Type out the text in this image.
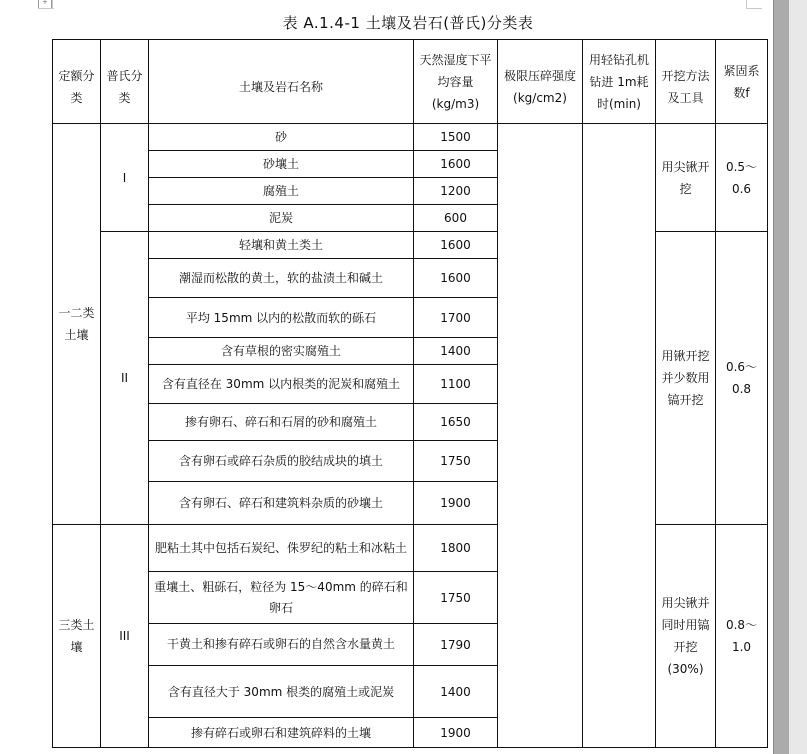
+
表 A.1.4-1 土壤及岩石(普氏)分类表
定额分类	普氏分类	土壤及岩石名称	天然湿度下平均容量(kg/m3)	极限压碎强度(kg/cm2)	用轻钻孔机钻进 1m耗时(min)	开挖方法及工具	紧固系数f
一二类土壤	I	砂	1500			用尖锹开挖	0.5～0.6
		砂壤土	1600				
		腐殖土	1200				
		泥炭	600				
	II	轻壤和黄土类土	1600			用锹开挖并少数用镐开挖	0.6～0.8
		潮湿而松散的黄土，软的盐渍土和碱土	1600				
		平均 15mm 以内的松散而软的砾石	1700				
		含有草根的密实腐殖土	1400				
		含有直径在 30mm 以内根类的泥炭和腐殖土	1100				
		掺有卵石、碎石和石屑的砂和腐殖土	1650				
		含有卵石或碎石杂质的胶结成块的填土	1750				
		含有卵石、碎石和建筑料杂质的砂壤土	1900				
三类土壤	III	肥粘土其中包括石炭纪、侏罗纪的粘土和冰粘土	1800			用尖锹并同时用镐开挖(30%)	0.8～1.0
		重壤土、粗砾石，粒径为 15～40mm 的碎石和卵石	1750				
		干黄土和掺有碎石或卵石的自然含水量黄土	1790				
		含有直径大于 30mm 根类的腐殖土或泥炭	1400				
		掺有碎石或卵石和建筑碎料的土壤	1900				
